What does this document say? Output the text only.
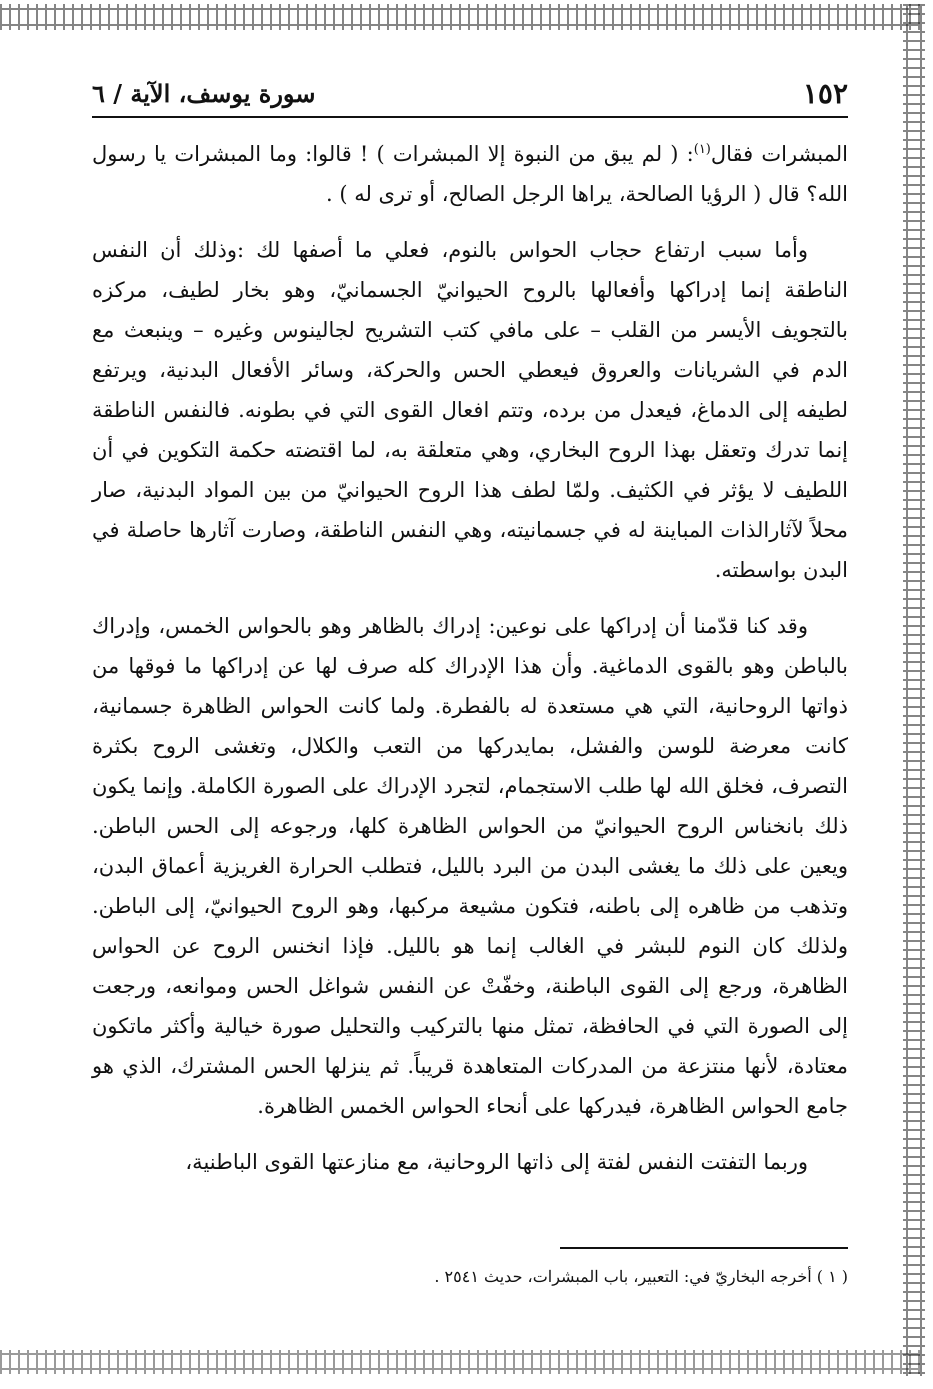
١٥٢
سورة يوسف، الآية / ٦

المبشرات فقال$^{(١)}$: ( لم يبق من النبوة إلا المبشرات ) ! قالوا: وما المبشرات يا رسول الله؟ قال ( الرؤيا الصالحة، يراها الرجل الصالح، أو ترى له ) .

وأما سبب ارتفاع حجاب الحواس بالنوم، فعلي ما أصفها لك :وذلك أن النفس الناطقة إنما إدراكها وأفعالها بالروح الحيوانيّ الجسمانيّ، وهو بخار لطيف، مركزه بالتجويف الأيسر من القلب – على مافي كتب التشريح لجالينوس وغيره – وينبعث مع الدم في الشريانات والعروق فيعطي الحس والحركة، وسائر الأفعال البدنية، ويرتفع لطيفه إلى الدماغ، فيعدل من برده، وتتم افعال القوى التي في بطونه. فالنفس الناطقة إنما تدرك وتعقل بهذا الروح البخاري، وهي متعلقة به، لما اقتضته حكمة التكوين في أن اللطيف لا يؤثر في الكثيف. ولمّا لطف هذا الروح الحيوانيّ من بين المواد البدنية، صار محلاً لآثارالذات المباينة له في جسمانيته، وهي النفس الناطقة، وصارت آثارها حاصلة في البدن بواسطته.

وقد كنا قدّمنا أن إدراكها على نوعين: إدراك بالظاهر وهو بالحواس الخمس، وإدراك بالباطن وهو بالقوى الدماغية. وأن هذا الإدراك كله صرف لها عن إدراكها ما فوقها من ذواتها الروحانية، التي هي مستعدة له بالفطرة. ولما كانت الحواس الظاهرة جسمانية، كانت معرضة للوسن والفشل، بمايدركها من التعب والكلال، وتغشى الروح بكثرة التصرف، فخلق الله لها طلب الاستجمام، لتجرد الإدراك على الصورة الكاملة. وإنما يكون ذلك بانخناس الروح الحيوانيّ من الحواس الظاهرة كلها، ورجوعه إلى الحس الباطن. ويعين على ذلك ما يغشى البدن من البرد بالليل، فتطلب الحرارة الغريزية أعماق البدن، وتذهب من ظاهره إلى باطنه، فتكون مشيعة مركبها، وهو الروح الحيوانيّ، إلى الباطن. ولذلك كان النوم للبشر في الغالب إنما هو بالليل. فإذا انخنس الروح عن الحواس الظاهرة، ورجع إلى القوى الباطنة، وخفّتْ عن النفس شواغل الحس وموانعه، ورجعت إلى الصورة التي في الحافظة، تمثل منها بالتركيب والتحليل صورة خيالية وأكثر ماتكون معتادة، لأنها منتزعة من المدركات المتعاهدة قريباً. ثم ينزلها الحس المشترك، الذي هو جامع الحواس الظاهرة، فيدركها على أنحاء الحواس الخمس الظاهرة.

وربما التفتت النفس لفتة إلى ذاتها الروحانية، مع منازعتها القوى الباطنية،

( ١ ) أخرجه البخاريّ في: التعبير، باب المبشرات، حديث ٢٥٤١ .
